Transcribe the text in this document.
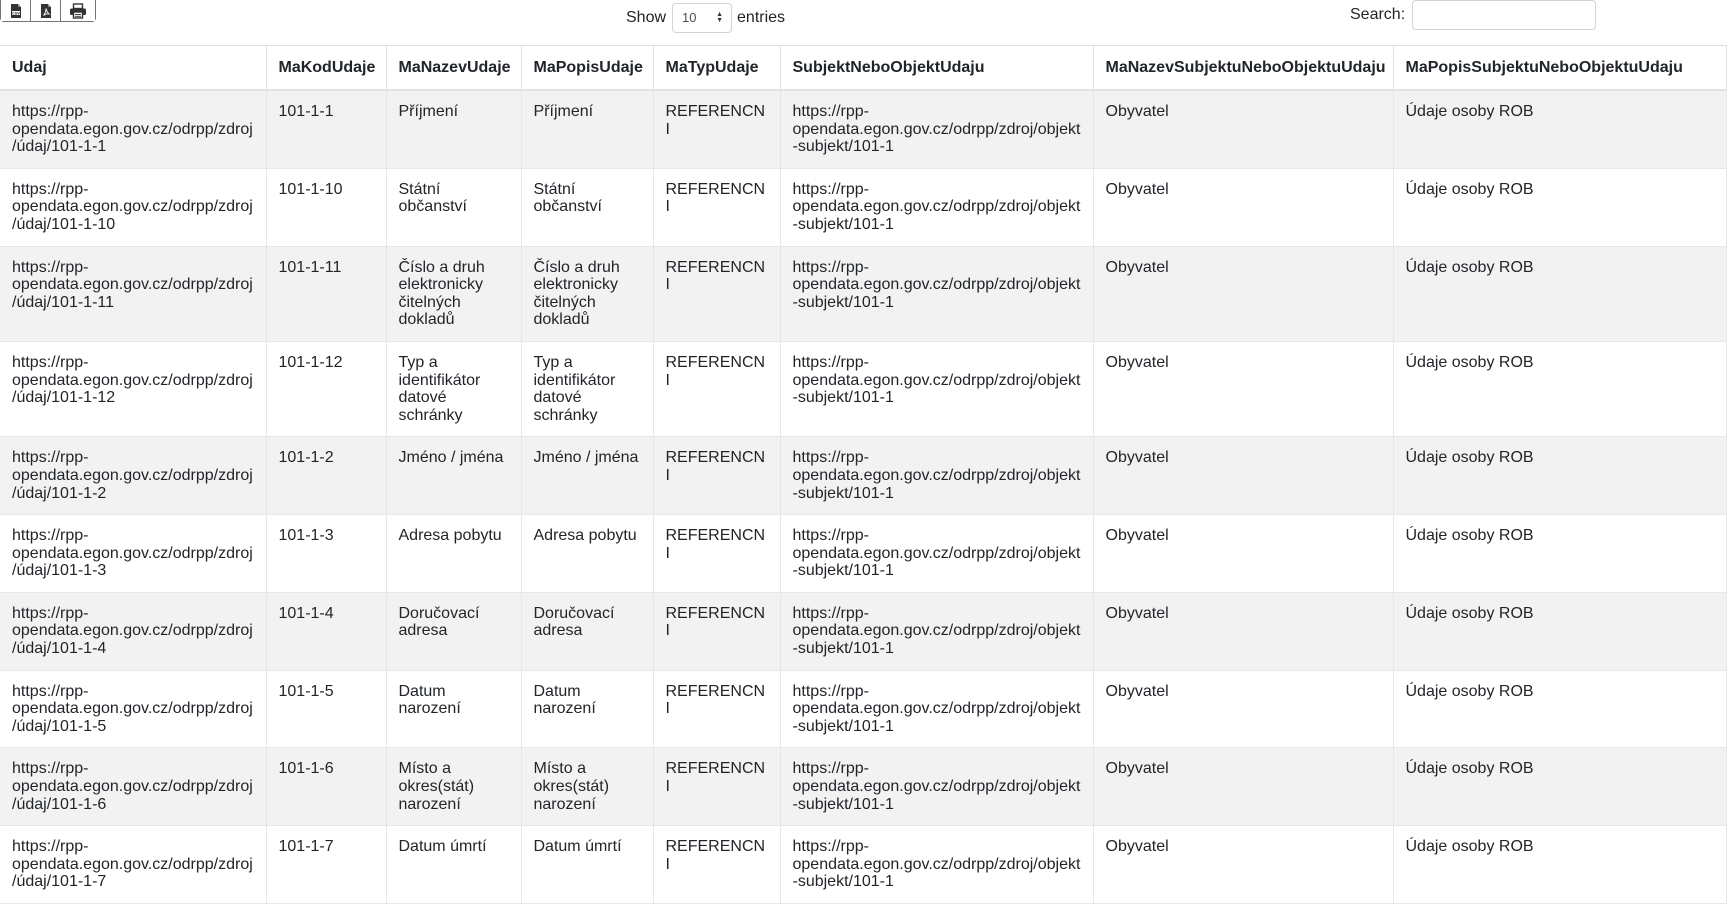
CSV	Show	10	▲
▼ entries	Search:
Udaj	MaKodUdaje	MaNazevUdaje	MaPopisUdaje	MaTypUdaje	SubjektNeboObjektUdaju	MaNazevSubjektuNeboObjektuUdaju	MaPopisSubjektuNeboObjektuUdaju
https://rpp-opendata.egon.gov.cz/odrpp/zdroj/údaj/101-1-1	101-1-1	Příjmení	Příjmení	REFERENCNI	https://rpp-opendata.egon.gov.cz/odrpp/zdroj/objekt-subjekt/101-1	Obyvatel	Údaje osoby ROB
https://rpp-opendata.egon.gov.cz/odrpp/zdroj/údaj/101-1-10	101-1-10	Státní občanství	Státní občanství	REFERENCNI	https://rpp-opendata.egon.gov.cz/odrpp/zdroj/objekt-subjekt/101-1	Obyvatel	Údaje osoby ROB
https://rpp-opendata.egon.gov.cz/odrpp/zdroj/údaj/101-1-11	101-1-11	Číslo a druh elektronicky čitelných dokladů	Číslo a druh elektronicky čitelných dokladů	REFERENCNI	https://rpp-opendata.egon.gov.cz/odrpp/zdroj/objekt-subjekt/101-1	Obyvatel	Údaje osoby ROB
https://rpp-opendata.egon.gov.cz/odrpp/zdroj/údaj/101-1-12	101-1-12	Typ a identifikátor datové schránky	Typ a identifikátor datové schránky	REFERENCNI	https://rpp-opendata.egon.gov.cz/odrpp/zdroj/objekt-subjekt/101-1	Obyvatel	Údaje osoby ROB
https://rpp-opendata.egon.gov.cz/odrpp/zdroj/údaj/101-1-2	101-1-2	Jméno / jména	Jméno / jména	REFERENCNI	https://rpp-opendata.egon.gov.cz/odrpp/zdroj/objekt-subjekt/101-1	Obyvatel	Údaje osoby ROB
https://rpp-opendata.egon.gov.cz/odrpp/zdroj/údaj/101-1-3	101-1-3	Adresa pobytu	Adresa pobytu	REFERENCNI	https://rpp-opendata.egon.gov.cz/odrpp/zdroj/objekt-subjekt/101-1	Obyvatel	Údaje osoby ROB
https://rpp-opendata.egon.gov.cz/odrpp/zdroj/údaj/101-1-4	101-1-4	Doručovací adresa	Doručovací adresa	REFERENCNI	https://rpp-opendata.egon.gov.cz/odrpp/zdroj/objekt-subjekt/101-1	Obyvatel	Údaje osoby ROB
https://rpp-opendata.egon.gov.cz/odrpp/zdroj/údaj/101-1-5	101-1-5	Datum narození	Datum narození	REFERENCNI	https://rpp-opendata.egon.gov.cz/odrpp/zdroj/objekt-subjekt/101-1	Obyvatel	Údaje osoby ROB
https://rpp-opendata.egon.gov.cz/odrpp/zdroj/údaj/101-1-6	101-1-6	Místo a okres(stát) narození	Místo a okres(stát) narození	REFERENCNI	https://rpp-opendata.egon.gov.cz/odrpp/zdroj/objekt-subjekt/101-1	Obyvatel	Údaje osoby ROB
https://rpp-opendata.egon.gov.cz/odrpp/zdroj/údaj/101-1-7	101-1-7	Datum úmrtí	Datum úmrtí	REFERENCNI	https://rpp-opendata.egon.gov.cz/odrpp/zdroj/objekt-subjekt/101-1	Obyvatel	Údaje osoby ROB
